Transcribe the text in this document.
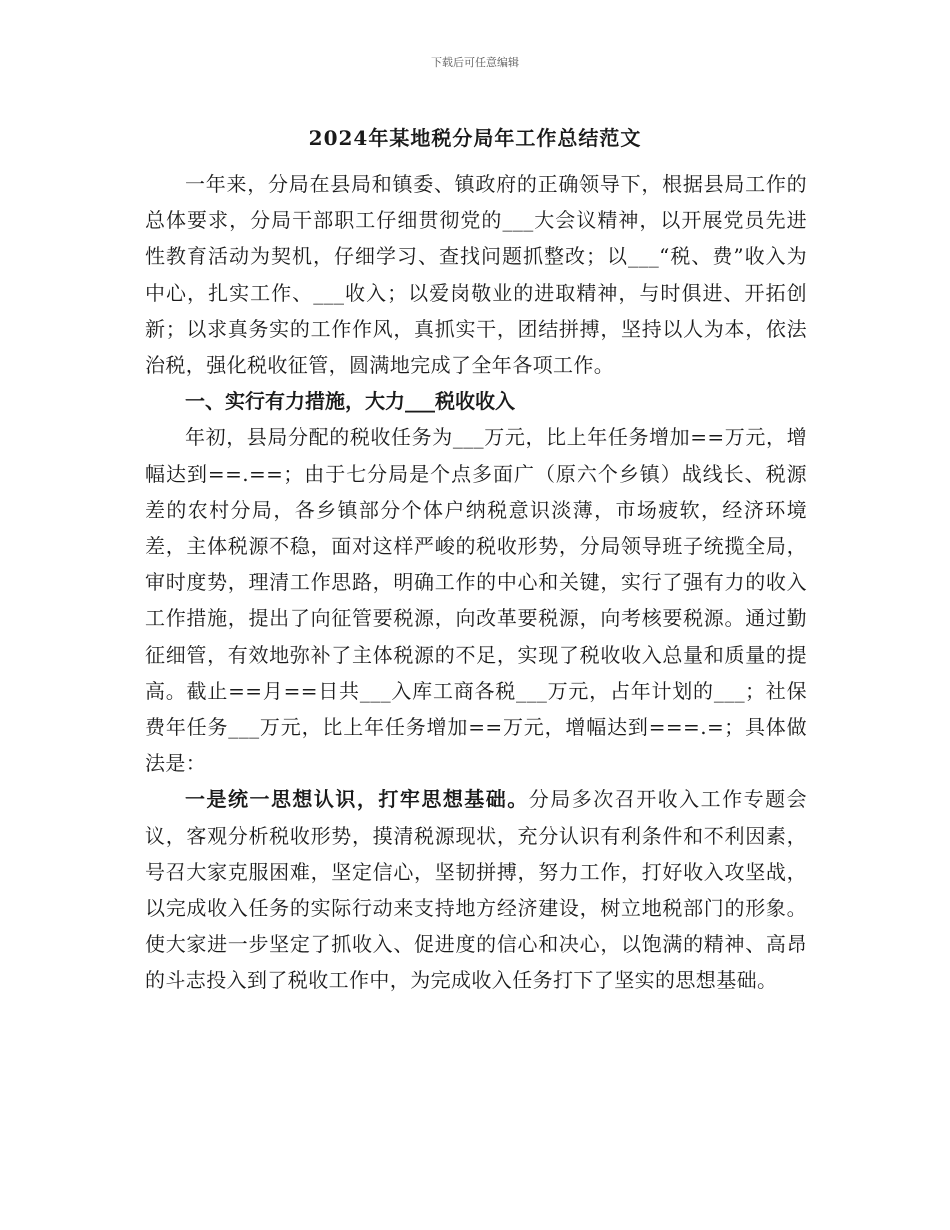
下载后可任意编辑
2024年某地税分局年工作总结范文

一年来，分局在县局和镇委、镇政府的正确领导下，根据县局工作的总体要求，分局干部职工仔细贯彻党的___大会议精神，以开展党员先进性教育活动为契机，仔细学习、查找问题抓整改；以___“税、费”收入为中心，扎实工作、___收入；以爱岗敬业的进取精神，与时俱进、开拓创新；以求真务实的工作作风，真抓实干，团结拼搏，坚持以人为本，依法治税，强化税收征管，圆满地完成了全年各项工作。

一、实行有力措施，大力___税收收入

年初，县局分配的税收任务为___万元，比上年任务增加==万元，增幅达到==.==；由于七分局是个点多面广（原六个乡镇）战线长、税源差的农村分局，各乡镇部分个体户纳税意识淡薄，市场疲软，经济环境差，主体税源不稳，面对这样严峻的税收形势，分局领导班子统揽全局，审时度势，理清工作思路，明确工作的中心和关键，实行了强有力的收入工作措施，提出了向征管要税源，向改革要税源，向考核要税源。通过勤征细管，有效地弥补了主体税源的不足，实现了税收收入总量和质量的提高。截止==月==日共___入库工商各税___万元，占年计划的___；社保费年任务___万元，比上年任务增加==万元，增幅达到===.=；具体做法是：

一是统一思想认识，打牢思想基础。分局多次召开收入工作专题会议，客观分析税收形势，摸清税源现状，充分认识有利条件和不利因素，号召大家克服困难，坚定信心，坚韧拼搏，努力工作，打好收入攻坚战，以完成收入任务的实际行动来支持地方经济建设，树立地税部门的形象。使大家进一步坚定了抓收入、促进度的信心和决心，以饱满的精神、高昂的斗志投入到了税收工作中，为完成收入任务打下了坚实的思想基础。
